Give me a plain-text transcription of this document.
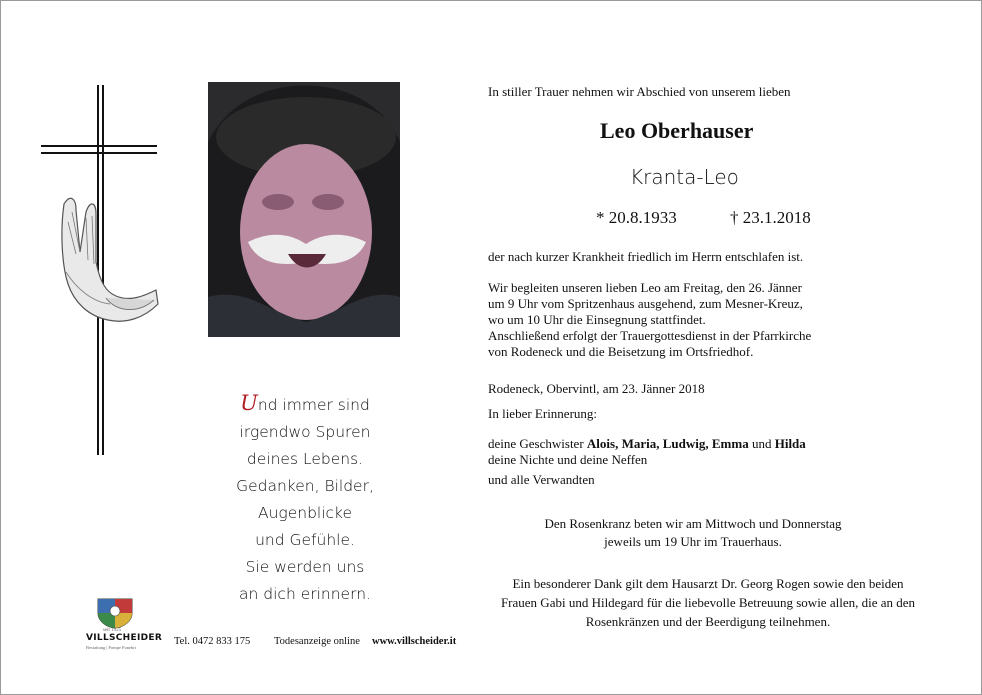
Und immer sind
irgendwo Spuren
deines Lebens.
Gedanken, Bilder,
Augenblicke
und Gefühle.
Sie werden uns
an dich erinnern.
In stiller Trauer nehmen wir Abschied von unserem lieben
Leo Oberhauser
Kranta-Leo
* 20.8.1933	† 23.1.2018
der nach kurzer Krankheit friedlich im Herrn entschlafen ist.
Wir begleiten unseren lieben Leo am Freitag, den 26. Jänner
um 9 Uhr vom Spritzenhaus ausgehend, zum Mesner-Kreuz,
wo um 10 Uhr die Einsegnung stattfindet.
Anschließend erfolgt der Trauergottesdienst in der Pfarrkirche
von Rodeneck und die Beisetzung im Ortsfriedhof.
Rodeneck, Obervintl, am 23. Jänner 2018
In lieber Erinnerung:
deine Geschwister Alois, Maria, Ludwig, Emma und Hilda
deine Nichte und deine Neffen
und alle Verwandten
Den Rosenkranz beten wir am Mittwoch und Donnerstag
jeweils um 19 Uhr im Trauerhaus.
Ein besonderer Dank gilt dem Hausarzt Dr. Georg Rogen sowie den beiden
Frauen Gabi und Hildegard für die liebevolle Betreuung sowie allen, die an den
Rosenkränzen und der Beerdigung teilnehmen.
seit 1925
VILLSCHEIDER
Bestattung | Pompe Funebri
Tel. 0472 833 175 Todesanzeige online www.villscheider.it
